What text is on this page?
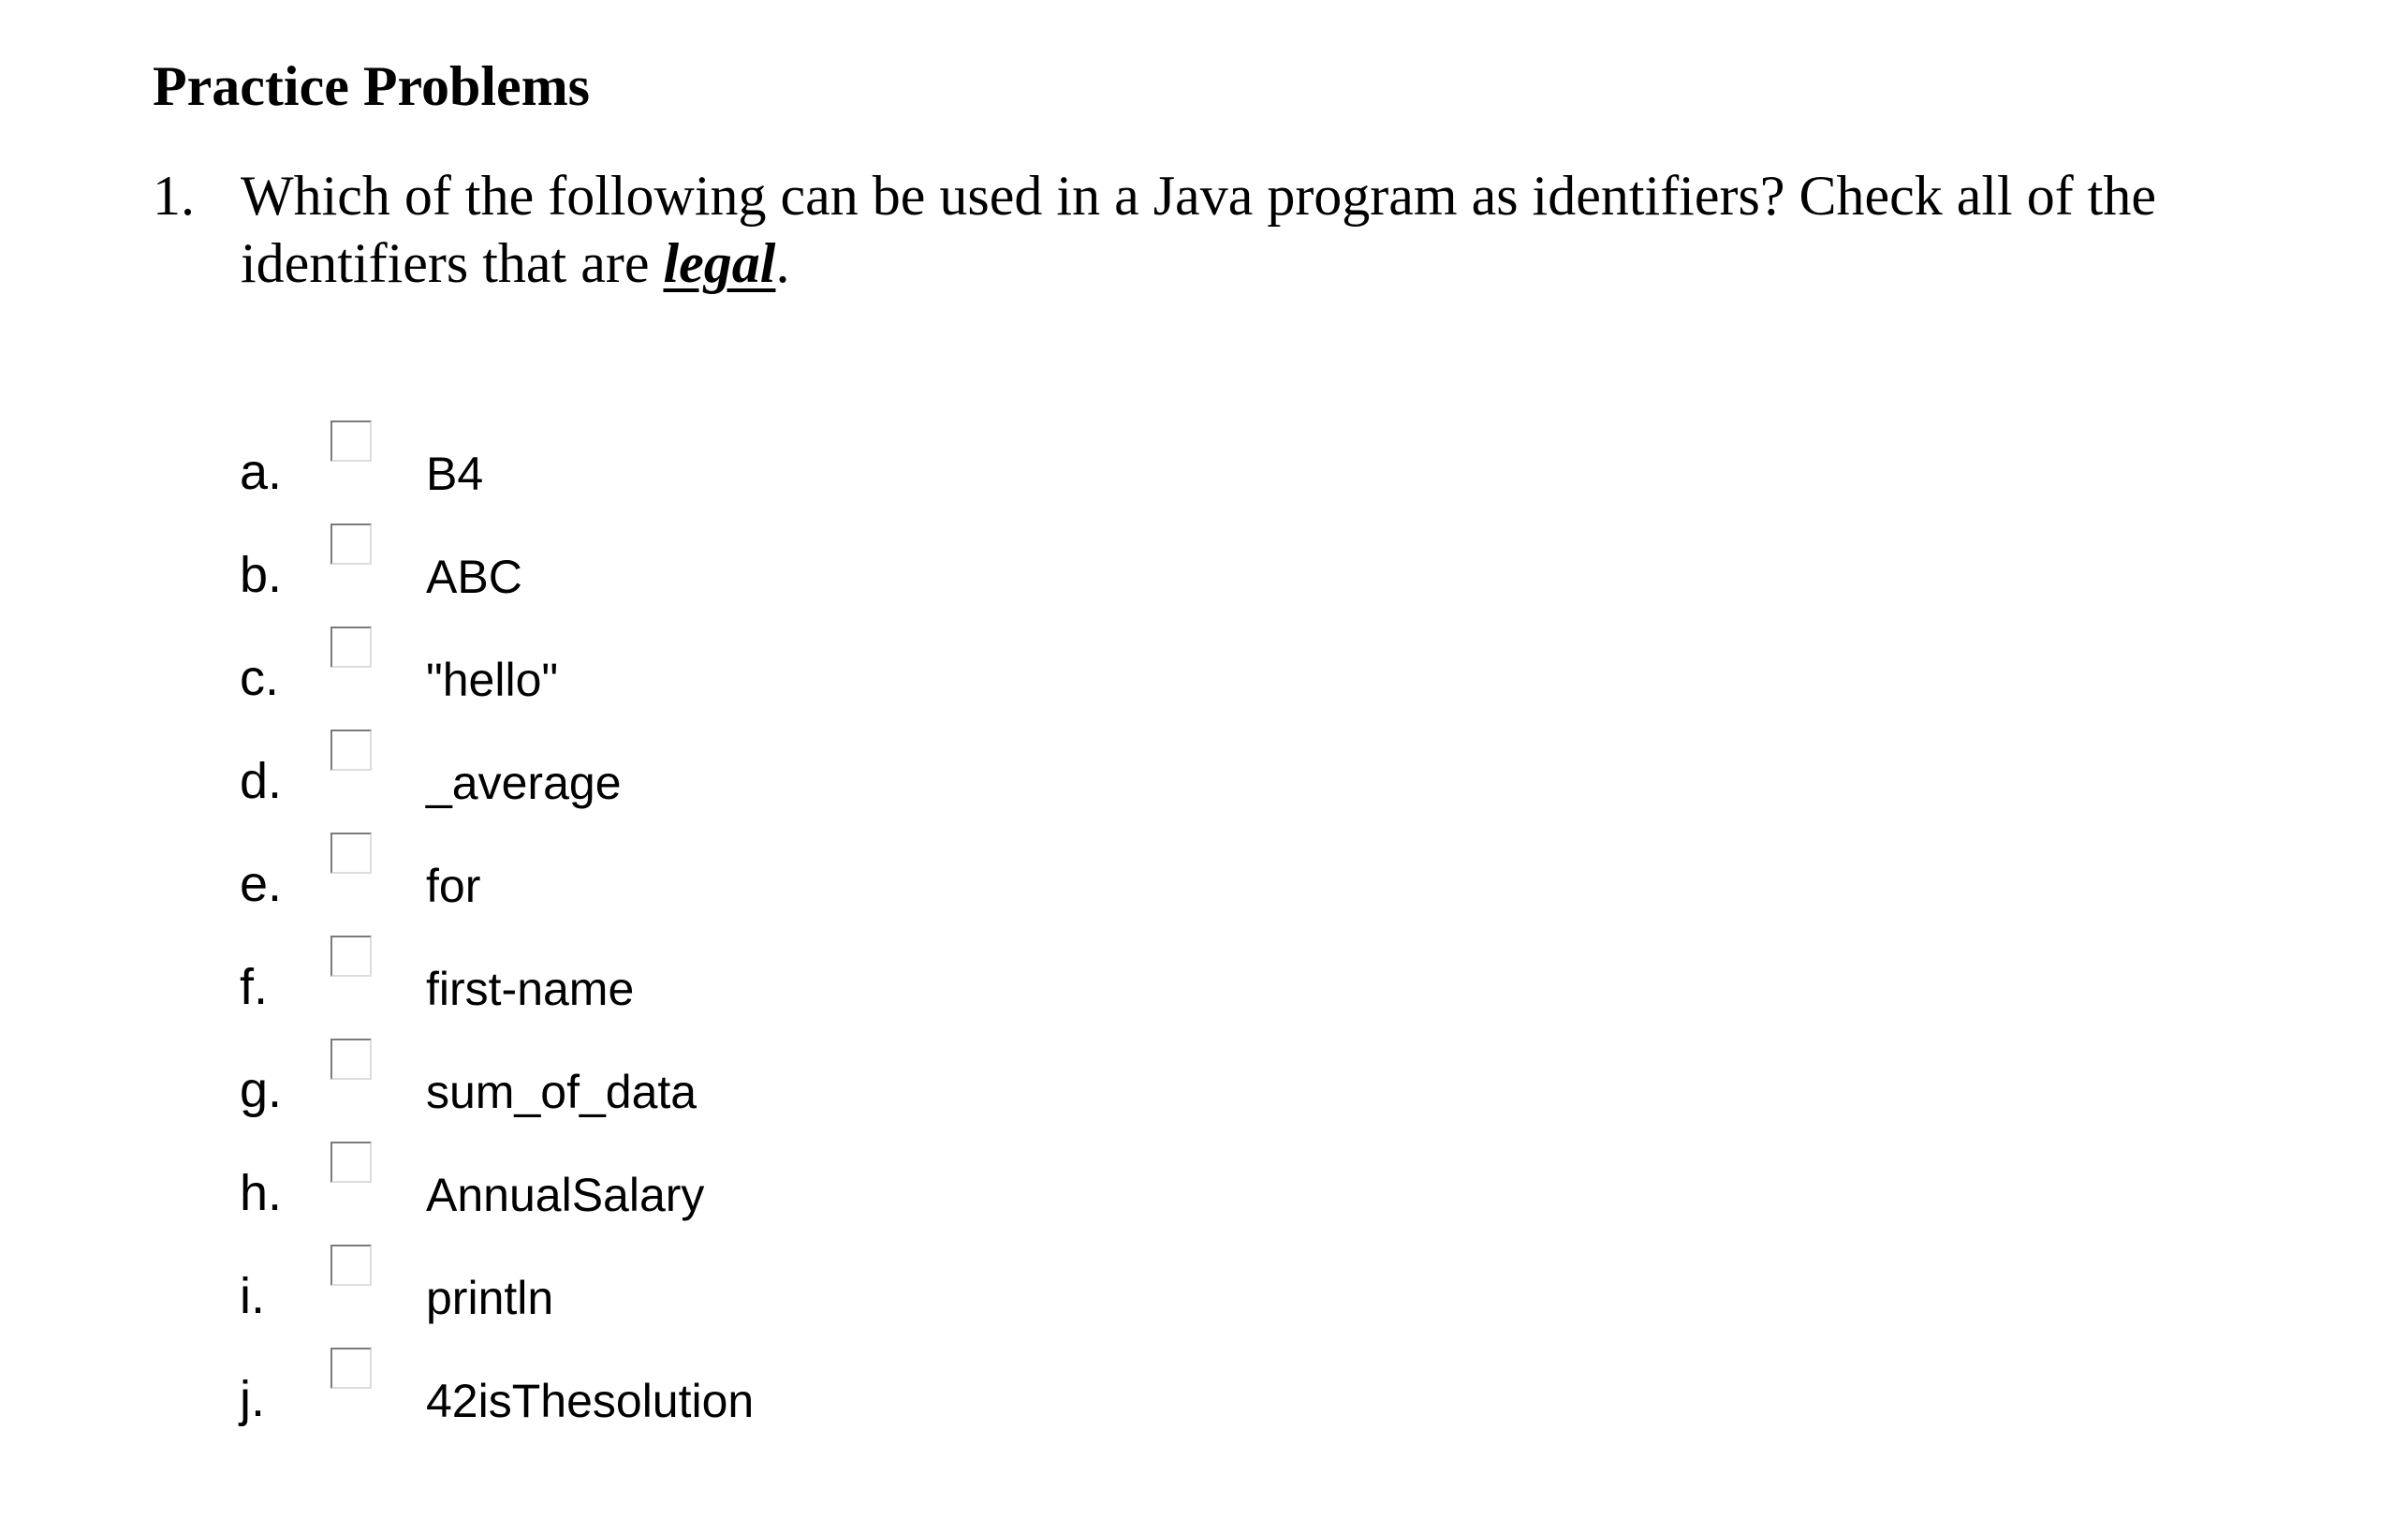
Practice Problems
1. Which of the following can be used in a Java program as identifiers? Check all of the identifiers that are legal.
a.	B4
b.	ABC
c.	"hello"
d.	_average
e.	for
f.	first-name
g.	sum_of_data
h.	AnnualSalary
i.	println
j.	42isThesolution
